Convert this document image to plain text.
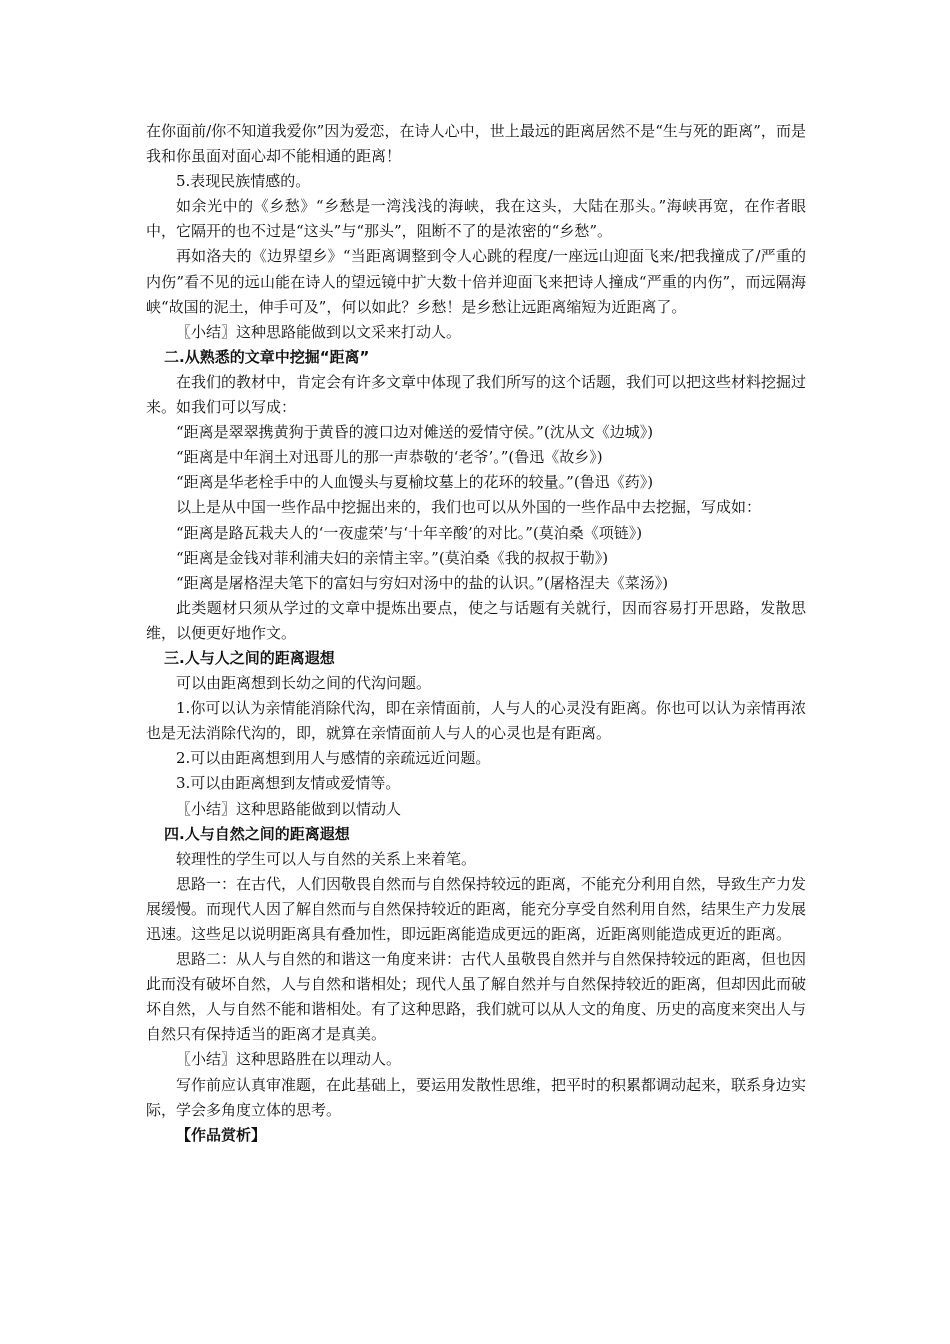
在你面前/你不知道我爱你”因为爱恋，在诗人心中，世上最远的距离居然不是“生与死的距离”，而是我和你虽面对面心却不能相通的距离！

5.表现民族情感的。

如余光中的《乡愁》“乡愁是一湾浅浅的海峡，我在这头，大陆在那头。”海峡再宽，在作者眼中，它隔开的也不过是“这头”与“那头”，阻断不了的是浓密的“乡愁”。

再如洛夫的《边界望乡》“当距离调整到令人心跳的程度/一座远山迎面飞来/把我撞成了/严重的内伤”看不见的远山能在诗人的望远镜中扩大数十倍并迎面飞来把诗人撞成“严重的内伤”，而远隔海峡“故国的泥土，伸手可及”，何以如此？乡愁！是乡愁让远距离缩短为近距离了。

〖小结〗这种思路能做到以文采来打动人。

二.从熟悉的文章中挖掘“距离”

在我们的教材中，肯定会有许多文章中体现了我们所写的这个话题，我们可以把这些材料挖掘过来。如我们可以写成：

“距离是翠翠携黄狗于黄昏的渡口边对傩送的爱情守侯。”(沈从文《边城》)

“距离是中年润土对迅哥儿的那一声恭敬的‘老爷’。”(鲁迅《故乡》)

“距离是华老栓手中的人血馒头与夏榆坟墓上的花环的较量。”(鲁迅《药》)

以上是从中国一些作品中挖掘出来的，我们也可以从外国的一些作品中去挖掘，写成如：

“距离是路瓦栽夫人的‘一夜虚荣’与‘十年辛酸’的对比。”(莫泊桑《项链》)

“距离是金钱对菲利浦夫妇的亲情主宰。”(莫泊桑《我的叔叔于勒》)

“距离是屠格涅夫笔下的富妇与穷妇对汤中的盐的认识。”(屠格涅夫《菜汤》)

此类题材只须从学过的文章中提炼出要点，使之与话题有关就行，因而容易打开思路，发散思维，以便更好地作文。

三.人与人之间的距离遐想

可以由距离想到长幼之间的代沟问题。

1.你可以认为亲情能消除代沟，即在亲情面前，人与人的心灵没有距离。你也可以认为亲情再浓也是无法消除代沟的，即，就算在亲情面前人与人的心灵也是有距离。

2.可以由距离想到用人与感情的亲疏远近问题。

3.可以由距离想到友情或爱情等。

〖小结〗这种思路能做到以情动人

四.人与自然之间的距离遐想

较理性的学生可以人与自然的关系上来着笔。

思路一：在古代，人们因敬畏自然而与自然保持较远的距离，不能充分利用自然，导致生产力发展缓慢。而现代人因了解自然而与自然保持较近的距离，能充分享受自然利用自然，结果生产力发展迅速。这些足以说明距离具有叠加性，即远距离能造成更远的距离，近距离则能造成更近的距离。

思路二：从人与自然的和谐这一角度来讲：古代人虽敬畏自然并与自然保持较远的距离，但也因此而没有破坏自然，人与自然和谐相处；现代人虽了解自然并与自然保持较近的距离，但却因此而破坏自然，人与自然不能和谐相处。有了这种思路，我们就可以从人文的角度、历史的高度来突出人与自然只有保持适当的距离才是真美。

〖小结〗这种思路胜在以理动人。

写作前应认真审准题，在此基础上，要运用发散性思维，把平时的积累都调动起来，联系身边实际，学会多角度立体的思考。

【作品赏析】
